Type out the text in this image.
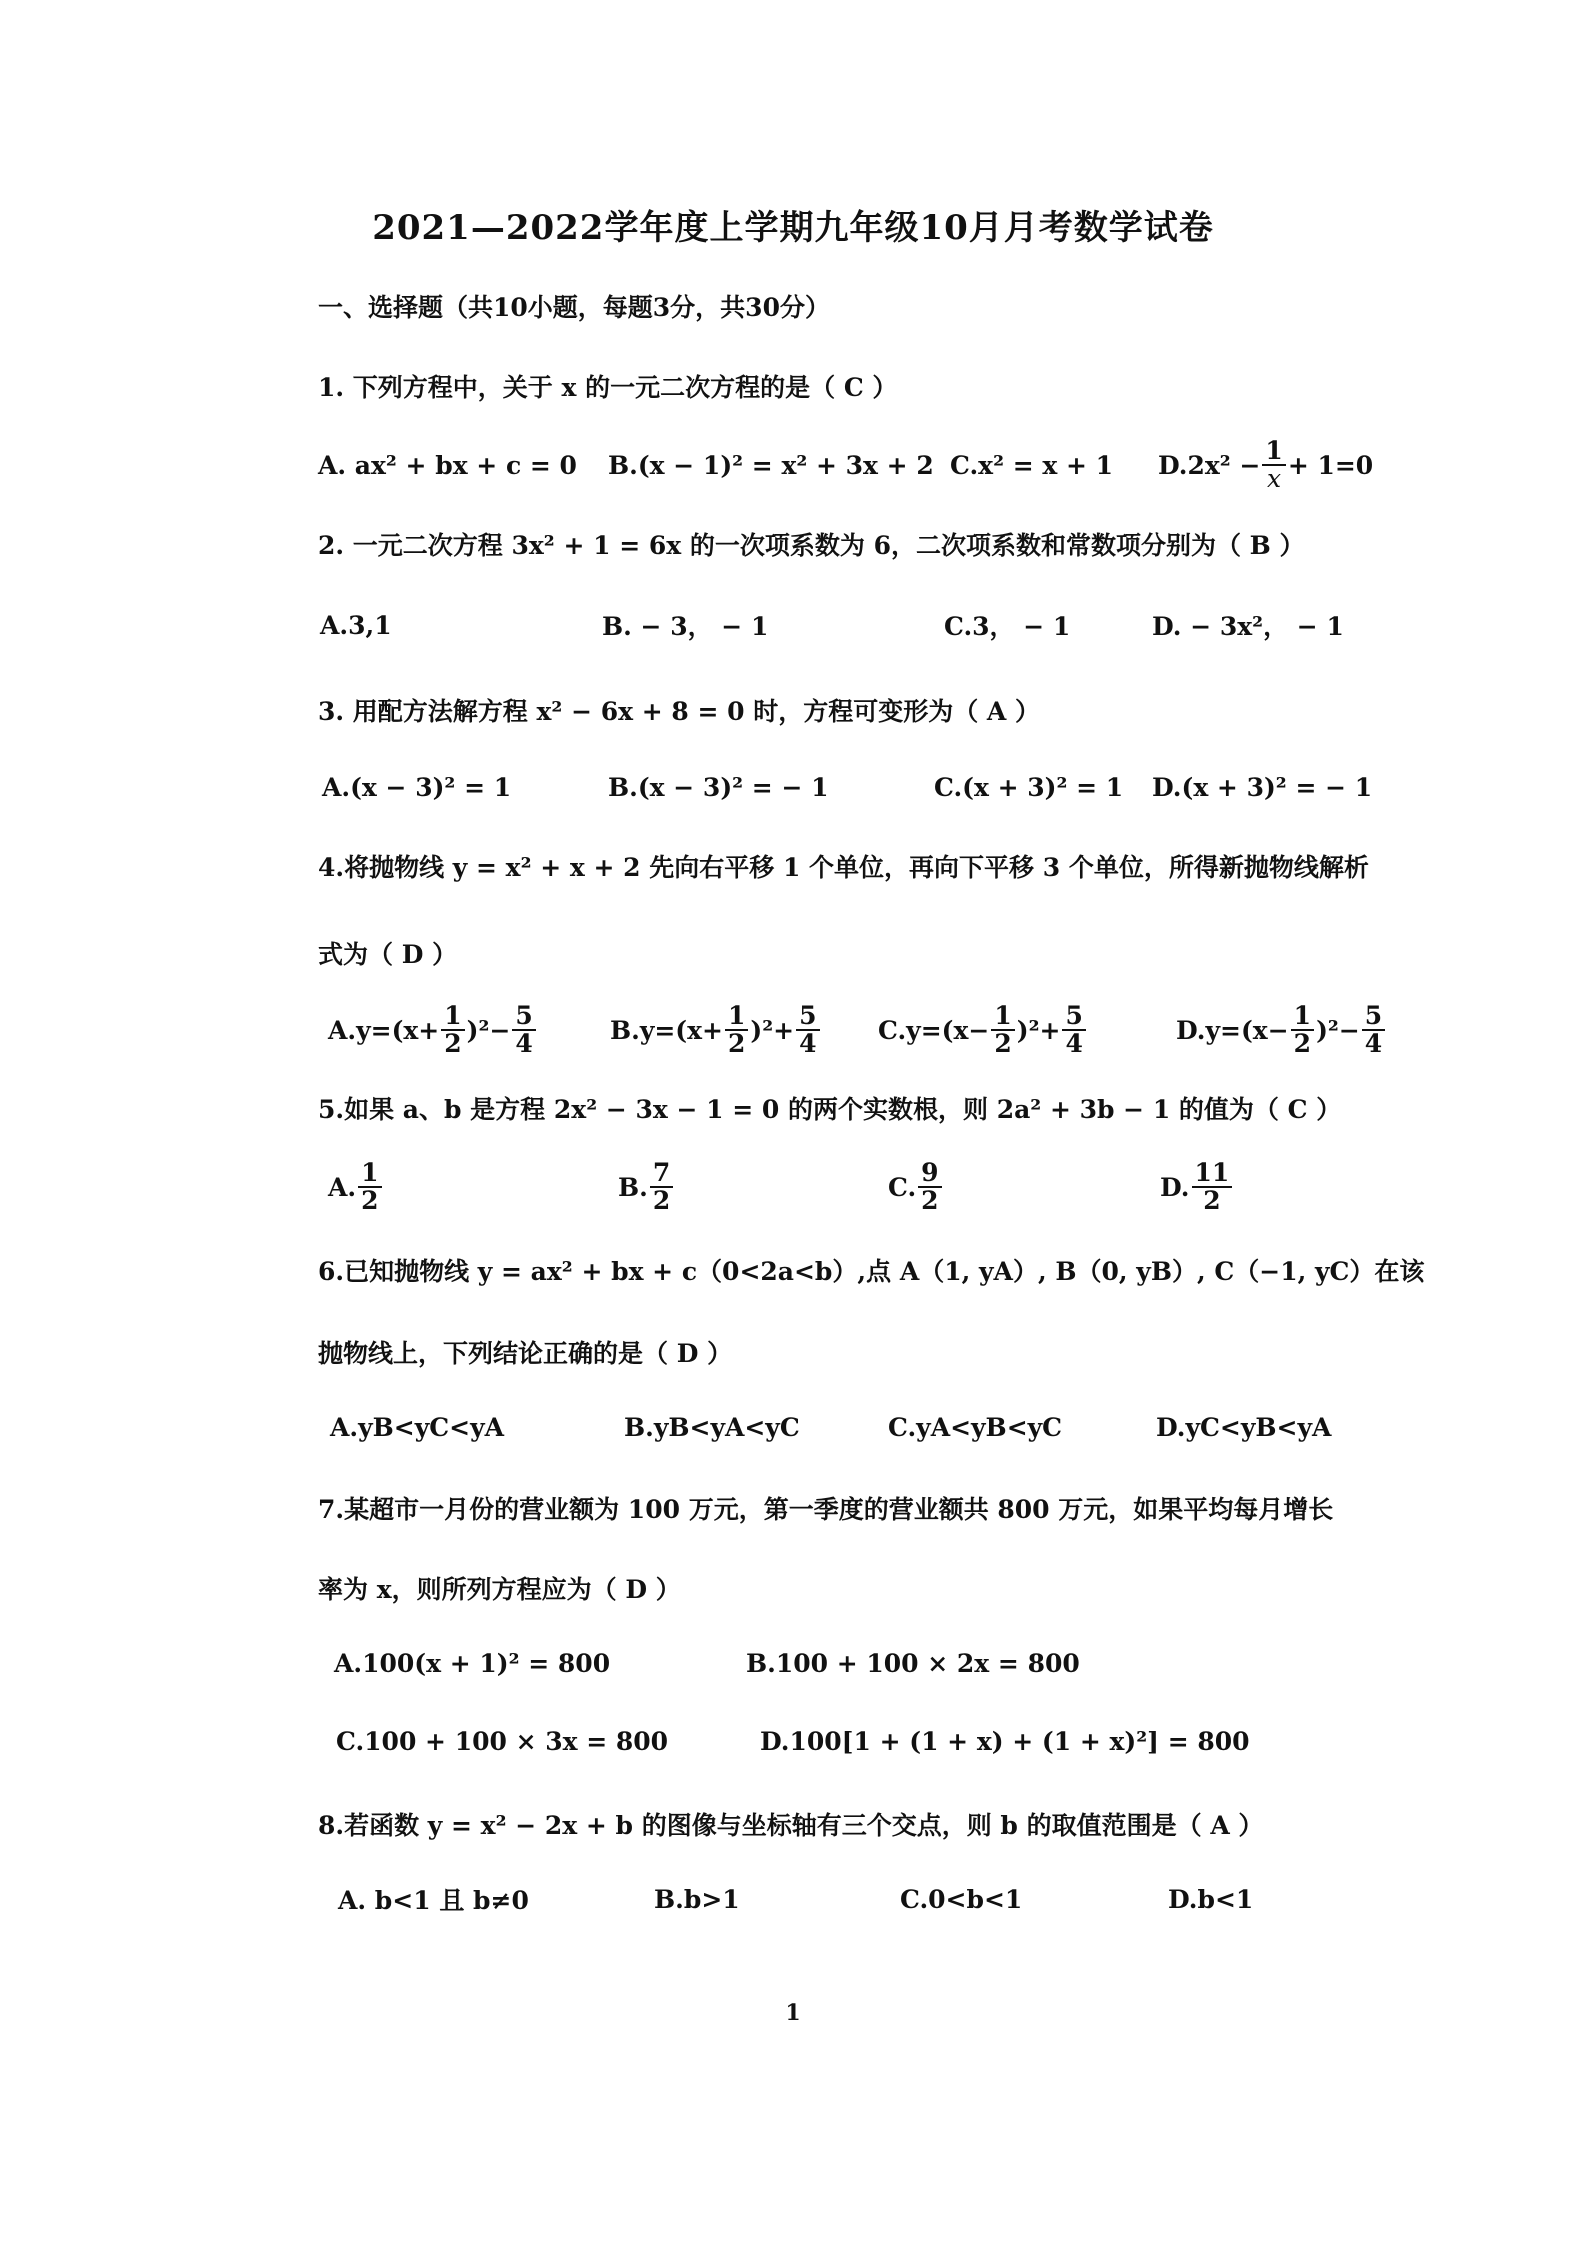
2021—2022学年度上学期九年级10月月考数学试卷
一、选择题（共10小题，每题3分，共30分）
1. 下列方程中，关于 x 的一元二次方程的是（ C ）
A. ax² + bx + c = 0 B.(x − 1)² = x² + 3x + 2 C.x² = x + 1 $D.2x^2 - \frac{1}{x} + 1=0$
2. 一元二次方程 3x² + 1 = 6x 的一次项系数为 6，二次项系数和常数项分别为（ B ）
A.3,1	B. − 3， − 1	C.3， − 1	D. − 3x²， − 1
3. 用配方法解方程 x² − 6x + 8 = 0 时，方程可变形为（ A ）
A.(x − 3)² = 1	B.(x − 3)² = − 1	C.(x + 3)² = 1 D.(x + 3)² = − 1
4.将抛物线 y = x² + x + 2 先向右平移 1 个单位，再向下平移 3 个单位，所得新抛物线解析
式为（ D ）
$A.y=(x+ \frac{1}{2} )^2- \frac{5}{4}$	$B.y=(x+ \frac{1}{2} )^2+ \frac{5}{4} C.y=(x- \frac{1}{2} )^2+ \frac{5}{4}$	$D.y=(x- \frac{1}{2} )^2- \frac{5}{4}$
5.如果 a、b 是方程 2x² − 3x − 1 = 0 的两个实数根，则 2a² + 3b − 1 的值为（ C ）
A. $\frac{1}{2}$	B. $\frac{7}{2}$	C. $\frac{9}{2}$	D. $\frac{11}{2}$
6.已知抛物线 y = ax² + bx + c（0<2a<b）,点 A（1, yA）, B（0, yB）, C（−1, yC）在该
抛物线上，下列结论正确的是（ D ）
A.yB<yC<yA	B.yB<yA<yC	C.yA<yB<yC	D.yC<yB<yA
7.某超市一月份的营业额为 100 万元，第一季度的营业额共 800 万元，如果平均每月增长
率为 x，则所列方程应为（ D ）
A.100(x + 1)² = 800	B.100 + 100 × 2x = 800
C.100 + 100 × 3x = 800	D.100[1 + (1 + x) + (1 + x)²] = 800
8.若函数 y = x² − 2x + b 的图像与坐标轴有三个交点，则 b 的取值范围是（ A ）
A. b<1 且 b≠0	B.b>1	C.0<b<1	D.b<1
1
